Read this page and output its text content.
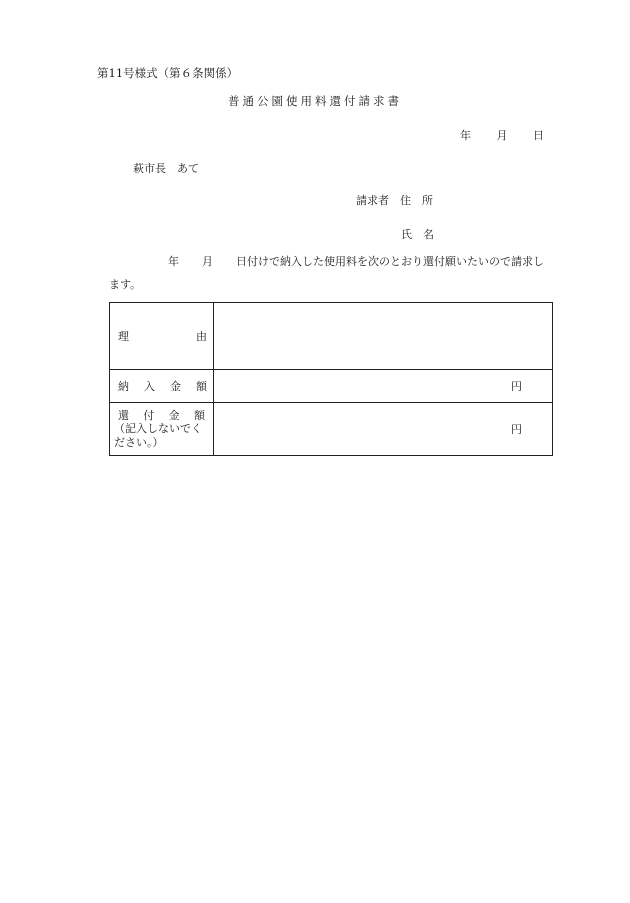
第11号様式（第６条関係）
普通公園使用料還付請求書
年 月 日
萩市長　あて
請求者　住　所
氏　名
年 月 日付けで納入した使用料を次のとおり還付願いたいので請求し
ます。
理 由	

納 入 金 額	円

還 付 金 額
（記入しないでください。）	円
